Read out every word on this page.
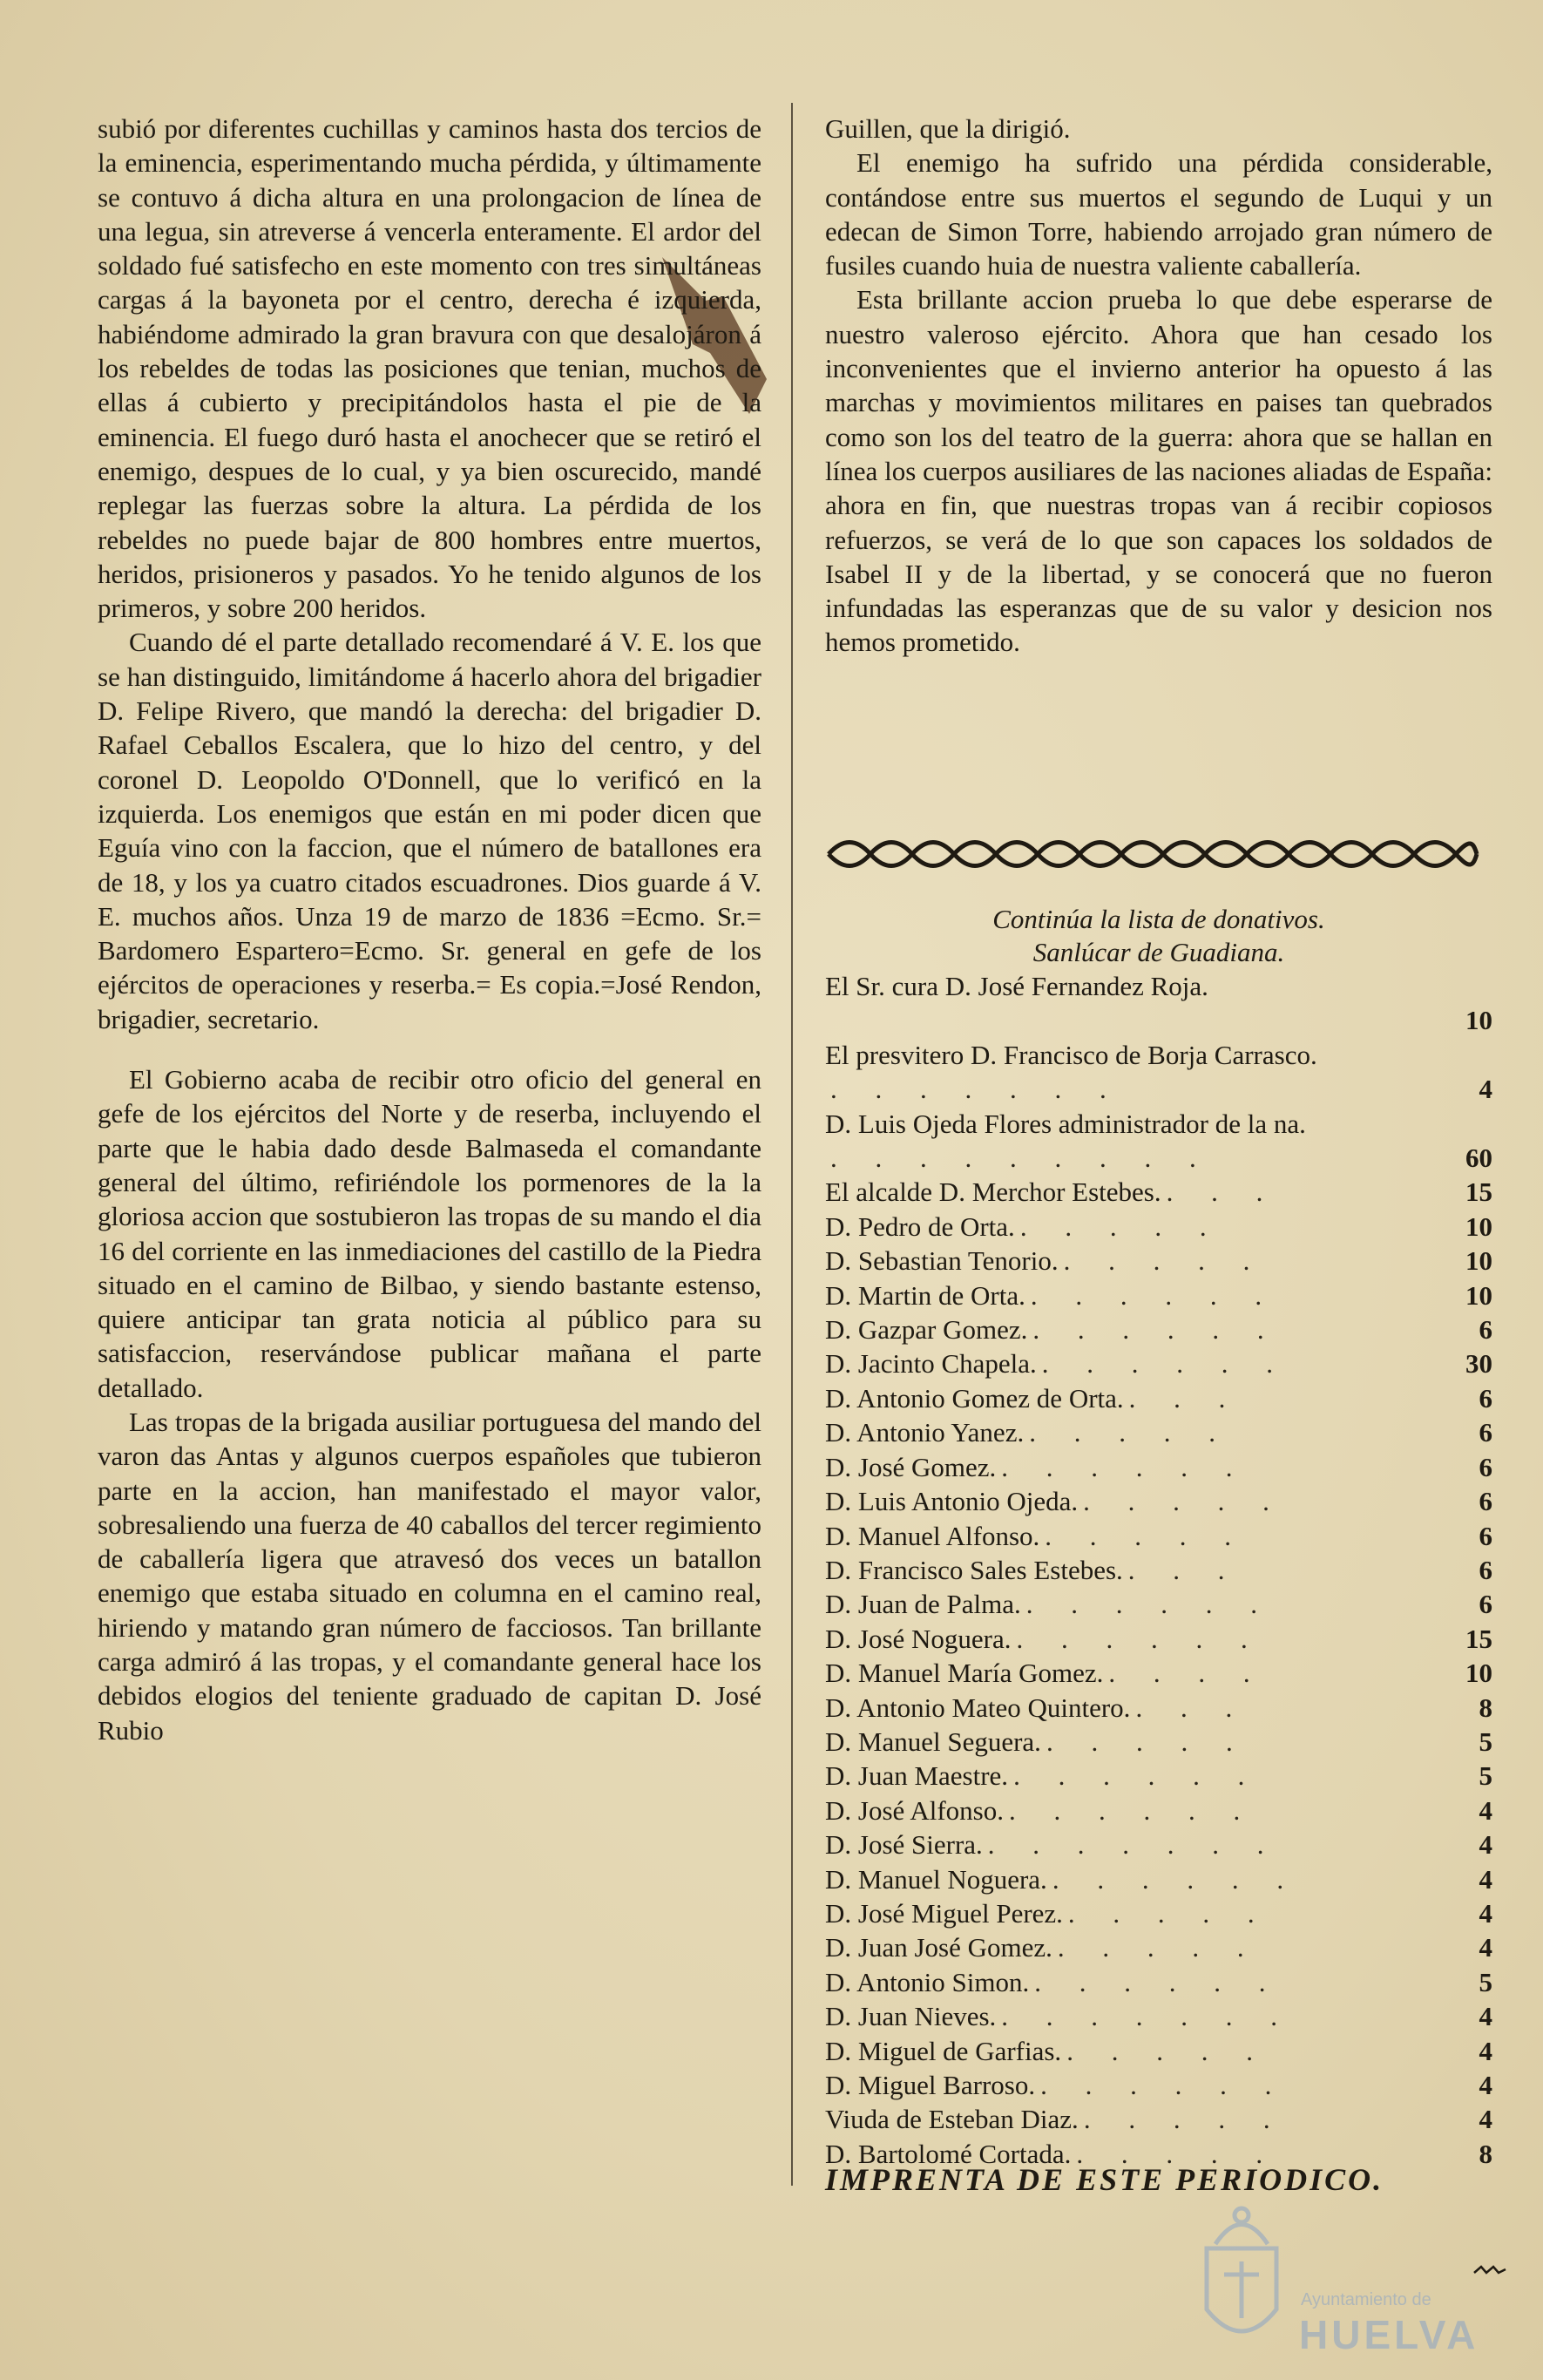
subió por diferentes cuchillas y caminos hasta dos tercios de la eminencia, esperimentando mucha pérdida, y últimamente se contuvo á dicha altura en una prolongacion de línea de una legua, sin atreverse á vencerla enteramente. El ardor del soldado fué satisfecho en este momento con tres simultáneas cargas á la bayoneta por el centro, derecha é izquierda, habiéndome admirado la gran bravura con que desalojáron á los rebeldes de todas las posiciones que tenian, muchos de ellas á cubierto y precipitándolos hasta el pie de la eminencia. El fuego duró hasta el anochecer que se retiró el enemigo, despues de lo cual, y ya bien oscurecido, mandé replegar las fuerzas sobre la altura. La pérdida de los rebeldes no puede bajar de 800 hombres entre muertos, heridos, prisioneros y pasados. Yo he tenido algunos de los primeros, y sobre 200 heridos.

Cuando dé el parte detallado recomendaré á V. E. los que se han distinguido, limitándome á hacerlo ahora del brigadier D. Felipe Rivero, que mandó la derecha: del brigadier D. Rafael Ceballos Escalera, que lo hizo del centro, y del coronel D. Leopoldo O'Donnell, que lo verificó en la izquierda. Los enemigos que están en mi poder dicen que Eguía vino con la faccion, que el número de batallones era de 18, y los ya cuatro citados escuadrones. Dios guarde á V. E. muchos años. Unza 19 de marzo de 1836 =Ecmo. Sr.= Bardomero Espartero=Ecmo. Sr. general en gefe de los ejércitos de operaciones y reserba.= Es copia.=José Rendon, brigadier, secretario.

El Gobierno acaba de recibir otro oficio del general en gefe de los ejércitos del Norte y de reserba, incluyendo el parte que le habia dado desde Balmaseda el comandante general del último, refiriéndole los pormenores de la la gloriosa accion que sostubieron las tropas de su mando el dia 16 del corriente en las inmediaciones del castillo de la Piedra situado en el camino de Bilbao, y siendo bastante estenso, quiere anticipar tan grata noticia al público para su satisfaccion, reservándose publicar mañana el parte detallado.

Las tropas de la brigada ausiliar portuguesa del mando del varon das Antas y algunos cuerpos españoles que tubieron parte en la accion, han manifestado el mayor valor, sobresaliendo una fuerza de 40 caballos del tercer regimiento de caballería ligera que atravesó dos veces un batallon enemigo que estaba situado en columna en el camino real, hiriendo y matando gran número de facciosos. Tan brillante carga admiró á las tropas, y el comandante general hace los debidos elogios del teniente graduado de capitan D. José Rubio

Guillen, que la dirigió.

El enemigo ha sufrido una pérdida considerable, contándose entre sus muertos el segundo de Luqui y un edecan de Simon Torre, habiendo arrojado gran número de fusiles cuando huia de nuestra valiente caballería.

Esta brillante accion prueba lo que debe esperarse de nuestro valeroso ejército. Ahora que han cesado los inconvenientes que el invierno anterior ha opuesto á las marchas y movimientos militares en paises tan quebrados como son los del teatro de la guerra: ahora que se hallan en línea los cuerpos ausiliares de las naciones aliadas de España: ahora en fin, que nuestras tropas van á recibir copiosos refuerzos, se verá de lo que son capaces los soldados de Isabel II y de la libertad, y se conocerá que no fueron infundadas las esperanzas que de su valor y desicion nos hemos prometido.

Continúa la lista de donativos.
Sanlúcar de Guadiana.
El Sr. cura D. José Fernandez Roja.
10
El presvitero D. Francisco de Borja Carrasco.
. . . . . . .	4
D. Luis Ojeda Flores administrador de la na.
. . . . . . . . .	60
El alcalde D. Merchor Estebes. . . .	15
D. Pedro de Orta. . . . . .	10
D. Sebastian Tenorio. . . . . .	10
D. Martin de Orta. . . . . . .	10
D. Gazpar Gomez. . . . . . .	6
D. Jacinto Chapela. . . . . . .	30
D. Antonio Gomez de Orta. . . .	6
D. Antonio Yanez. . . . . .	6
D. José Gomez. . . . . . .	6
D. Luis Antonio Ojeda. . . . . .	6
D. Manuel Alfonso. . . . . .	6
D. Francisco Sales Estebes. . . .	6
D. Juan de Palma. . . . . . .	6
D. José Noguera. . . . . . .	15
D. Manuel María Gomez. . . . .	10
D. Antonio Mateo Quintero. . . .	8
D. Manuel Seguera. . . . . .	5
D. Juan Maestre. . . . . . .	5
D. José Alfonso. . . . . . .	4
D. José Sierra. . . . . . . .	4
D. Manuel Noguera. . . . . . .	4
D. José Miguel Perez. . . . . .	4
D. Juan José Gomez. . . . . .	4
D. Antonio Simon. . . . . . .	5
D. Juan Nieves. . . . . . . .	4
D. Miguel de Garfias. . . . . .	4
D. Miguel Barroso. . . . . . .	4
Viuda de Esteban Diaz. . . . . .	4
D. Bartolomé Cortada. . . . . .	8
IMPRENTA DE ESTE PERIODICO.
Ayuntamiento de
HUELVA
